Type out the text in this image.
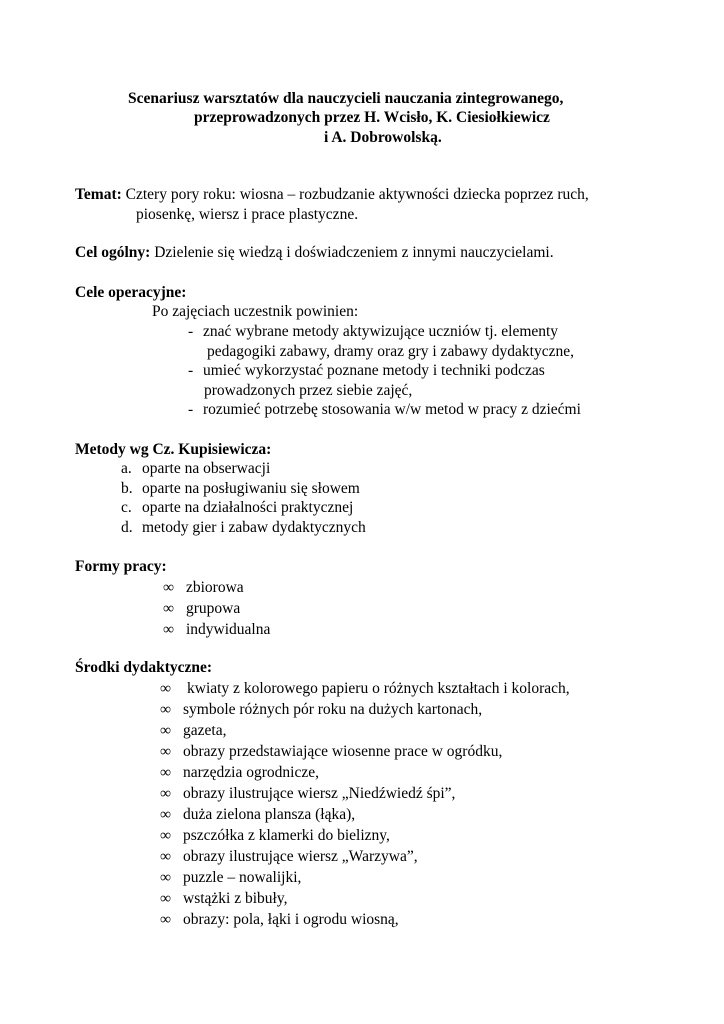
Scenariusz warsztatów dla nauczycieli nauczania zintegrowanego,
przeprowadzonych przez H. Wcisło, K. Ciesiołkiewicz
i A. Dobrowolską.
Temat: Cztery pory roku: wiosna – rozbudzanie aktywności dziecka poprzez ruch,
piosenkę, wiersz i prace plastyczne.
Cel ogólny: Dzielenie się wiedzą i doświadczeniem z innymi nauczycielami.
Cele operacyjne:
Po zajęciach uczestnik powinien:
- znać wybrane metody aktywizujące uczniów tj. elementy
pedagogiki zabawy, dramy oraz gry i zabawy dydaktyczne,
- umieć wykorzystać poznane metody i techniki podczas
prowadzonych przez siebie zajęć,
- rozumieć potrzebę stosowania w/w metod w pracy z dziećmi
Metody wg Cz. Kupisiewicza:
a. oparte na obserwacji
b. oparte na posługiwaniu się słowem
c. oparte na działalności praktycznej
d. metody gier i zabaw dydaktycznych
Formy pracy:
∞ zbiorowa
∞ grupowa
∞ indywidualna
Środki dydaktyczne:
∞ kwiaty z kolorowego papieru o różnych kształtach i kolorach,
∞ symbole różnych pór roku na dużych kartonach,
∞ gazeta,
∞ obrazy przedstawiające wiosenne prace w ogródku,
∞ narzędzia ogrodnicze,
∞ obrazy ilustrujące wiersz „Niedźwiedź śpi”,
∞ duża zielona plansza (łąka),
∞ pszczółka z klamerki do bielizny,
∞ obrazy ilustrujące wiersz „Warzywa”,
∞ puzzle – nowalijki,
∞ wstążki z bibuły,
∞ obrazy: pola, łąki i ogrodu wiosną,
